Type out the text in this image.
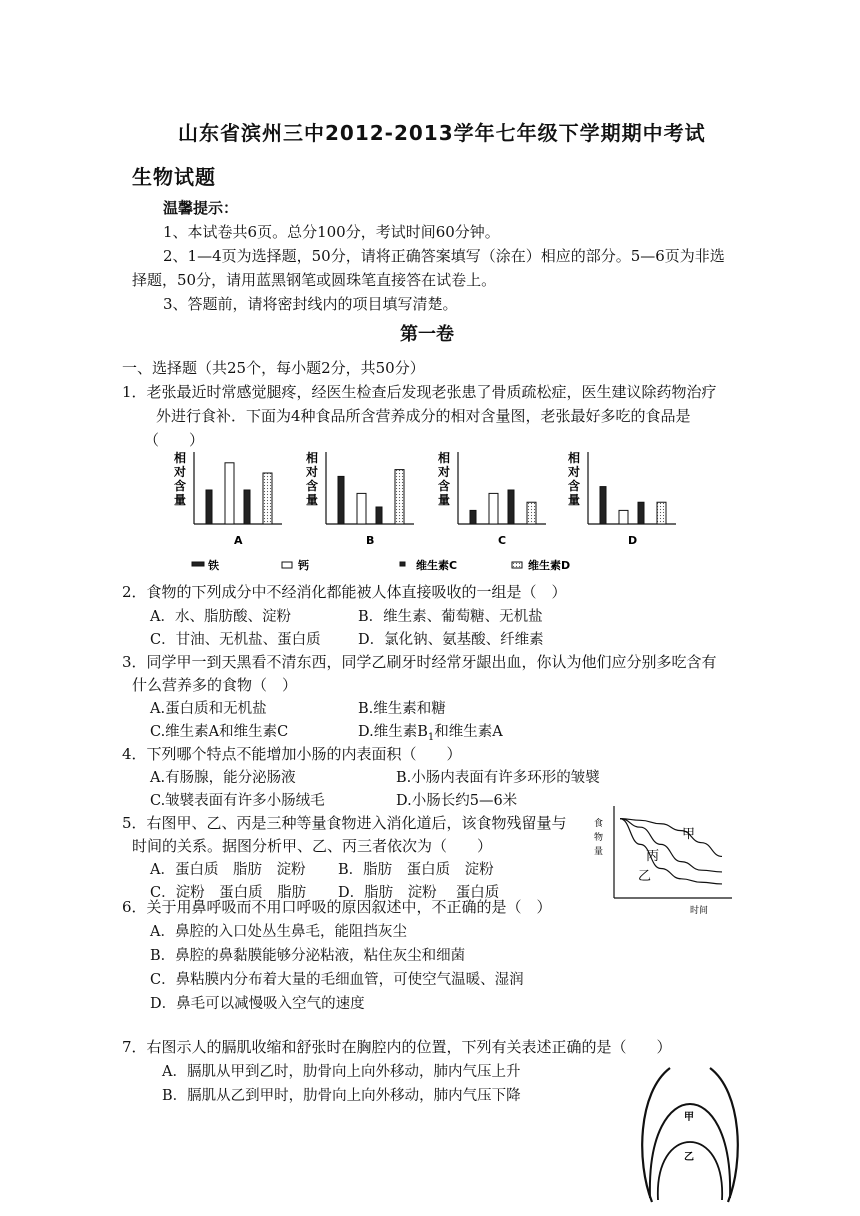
山东省滨州三中2012-2013学年七年级下学期期中考试
生物试题
温馨提示：
1、本试卷共6页。总分100分，考试时间60分钟。
2、1—4页为选择题，50分，请将正确答案填写（涂在）相应的部分。5—6页为非选
择题，50分，请用蓝黑钢笔或圆珠笔直接答在试卷上。
3、答题前，请将密封线内的项目填写清楚。
第一卷
一、选择题（共25个，每小题2分，共50分）
1．老张最近时常感觉腿疼，经医生检查后发现老张患了骨质疏松症，医生建议除药物治疗
外进行食补．下面为4种食品所含营养成分的相对含量图，老张最好多吃的食品是
（　　）
相
对
含
量
A
相
对
含
量
B
相
对
含
量
C
相
对
含
量
D
铁	钙	维生素C	维生素D
2．食物的下列成分中不经消化都能被人体直接吸收的一组是（　）
A．水、脂肪酸、淀粉	B．维生素、葡萄糖、无机盐
C．甘油、无机盐、蛋白质	D．氯化钠、氨基酸、纤维素
3．同学甲一到天黑看不清东西，同学乙刷牙时经常牙龈出血，你认为他们应分别多吃含有
什么营养多的食物（　）
A.蛋白质和无机盐	B.维生素和糖
C.维生素A和维生素C	D.维生素$B_1$和维生素A
4．下列哪个特点不能增加小肠的内表面积（　　）
A.有肠腺，能分泌肠液	B.小肠内表面有许多环形的皱襞
C.皱襞表面有许多小肠绒毛	D.小肠长约5—6米
5．右图甲、乙、丙是三种等量食物进入消化道后，该食物残留量与
时间的关系。据图分析甲、乙、丙三者依次为（　　）
A．蛋白质　脂肪　淀粉 B．脂肪　蛋白质　淀粉
C．淀粉　蛋白质　脂肪 D．脂肪　淀粉　 蛋白质
食
物
量
时间
甲
丙
乙
6．关于用鼻呼吸而不用口呼吸的原因叙述中，不正确的是（　）
A．鼻腔的入口处丛生鼻毛，能阻挡灰尘
B．鼻腔的鼻黏膜能够分泌粘液，粘住灰尘和细菌
C．鼻粘膜内分布着大量的毛细血管，可使空气温暖、湿润
D．鼻毛可以减慢吸入空气的速度
7．右图示人的膈肌收缩和舒张时在胸腔内的位置，下列有关表述正确的是（　　）
A．膈肌从甲到乙时，肋骨向上向外移动，肺内气压上升
B．膈肌从乙到甲时，肋骨向上向外移动，肺内气压下降
甲
乙
